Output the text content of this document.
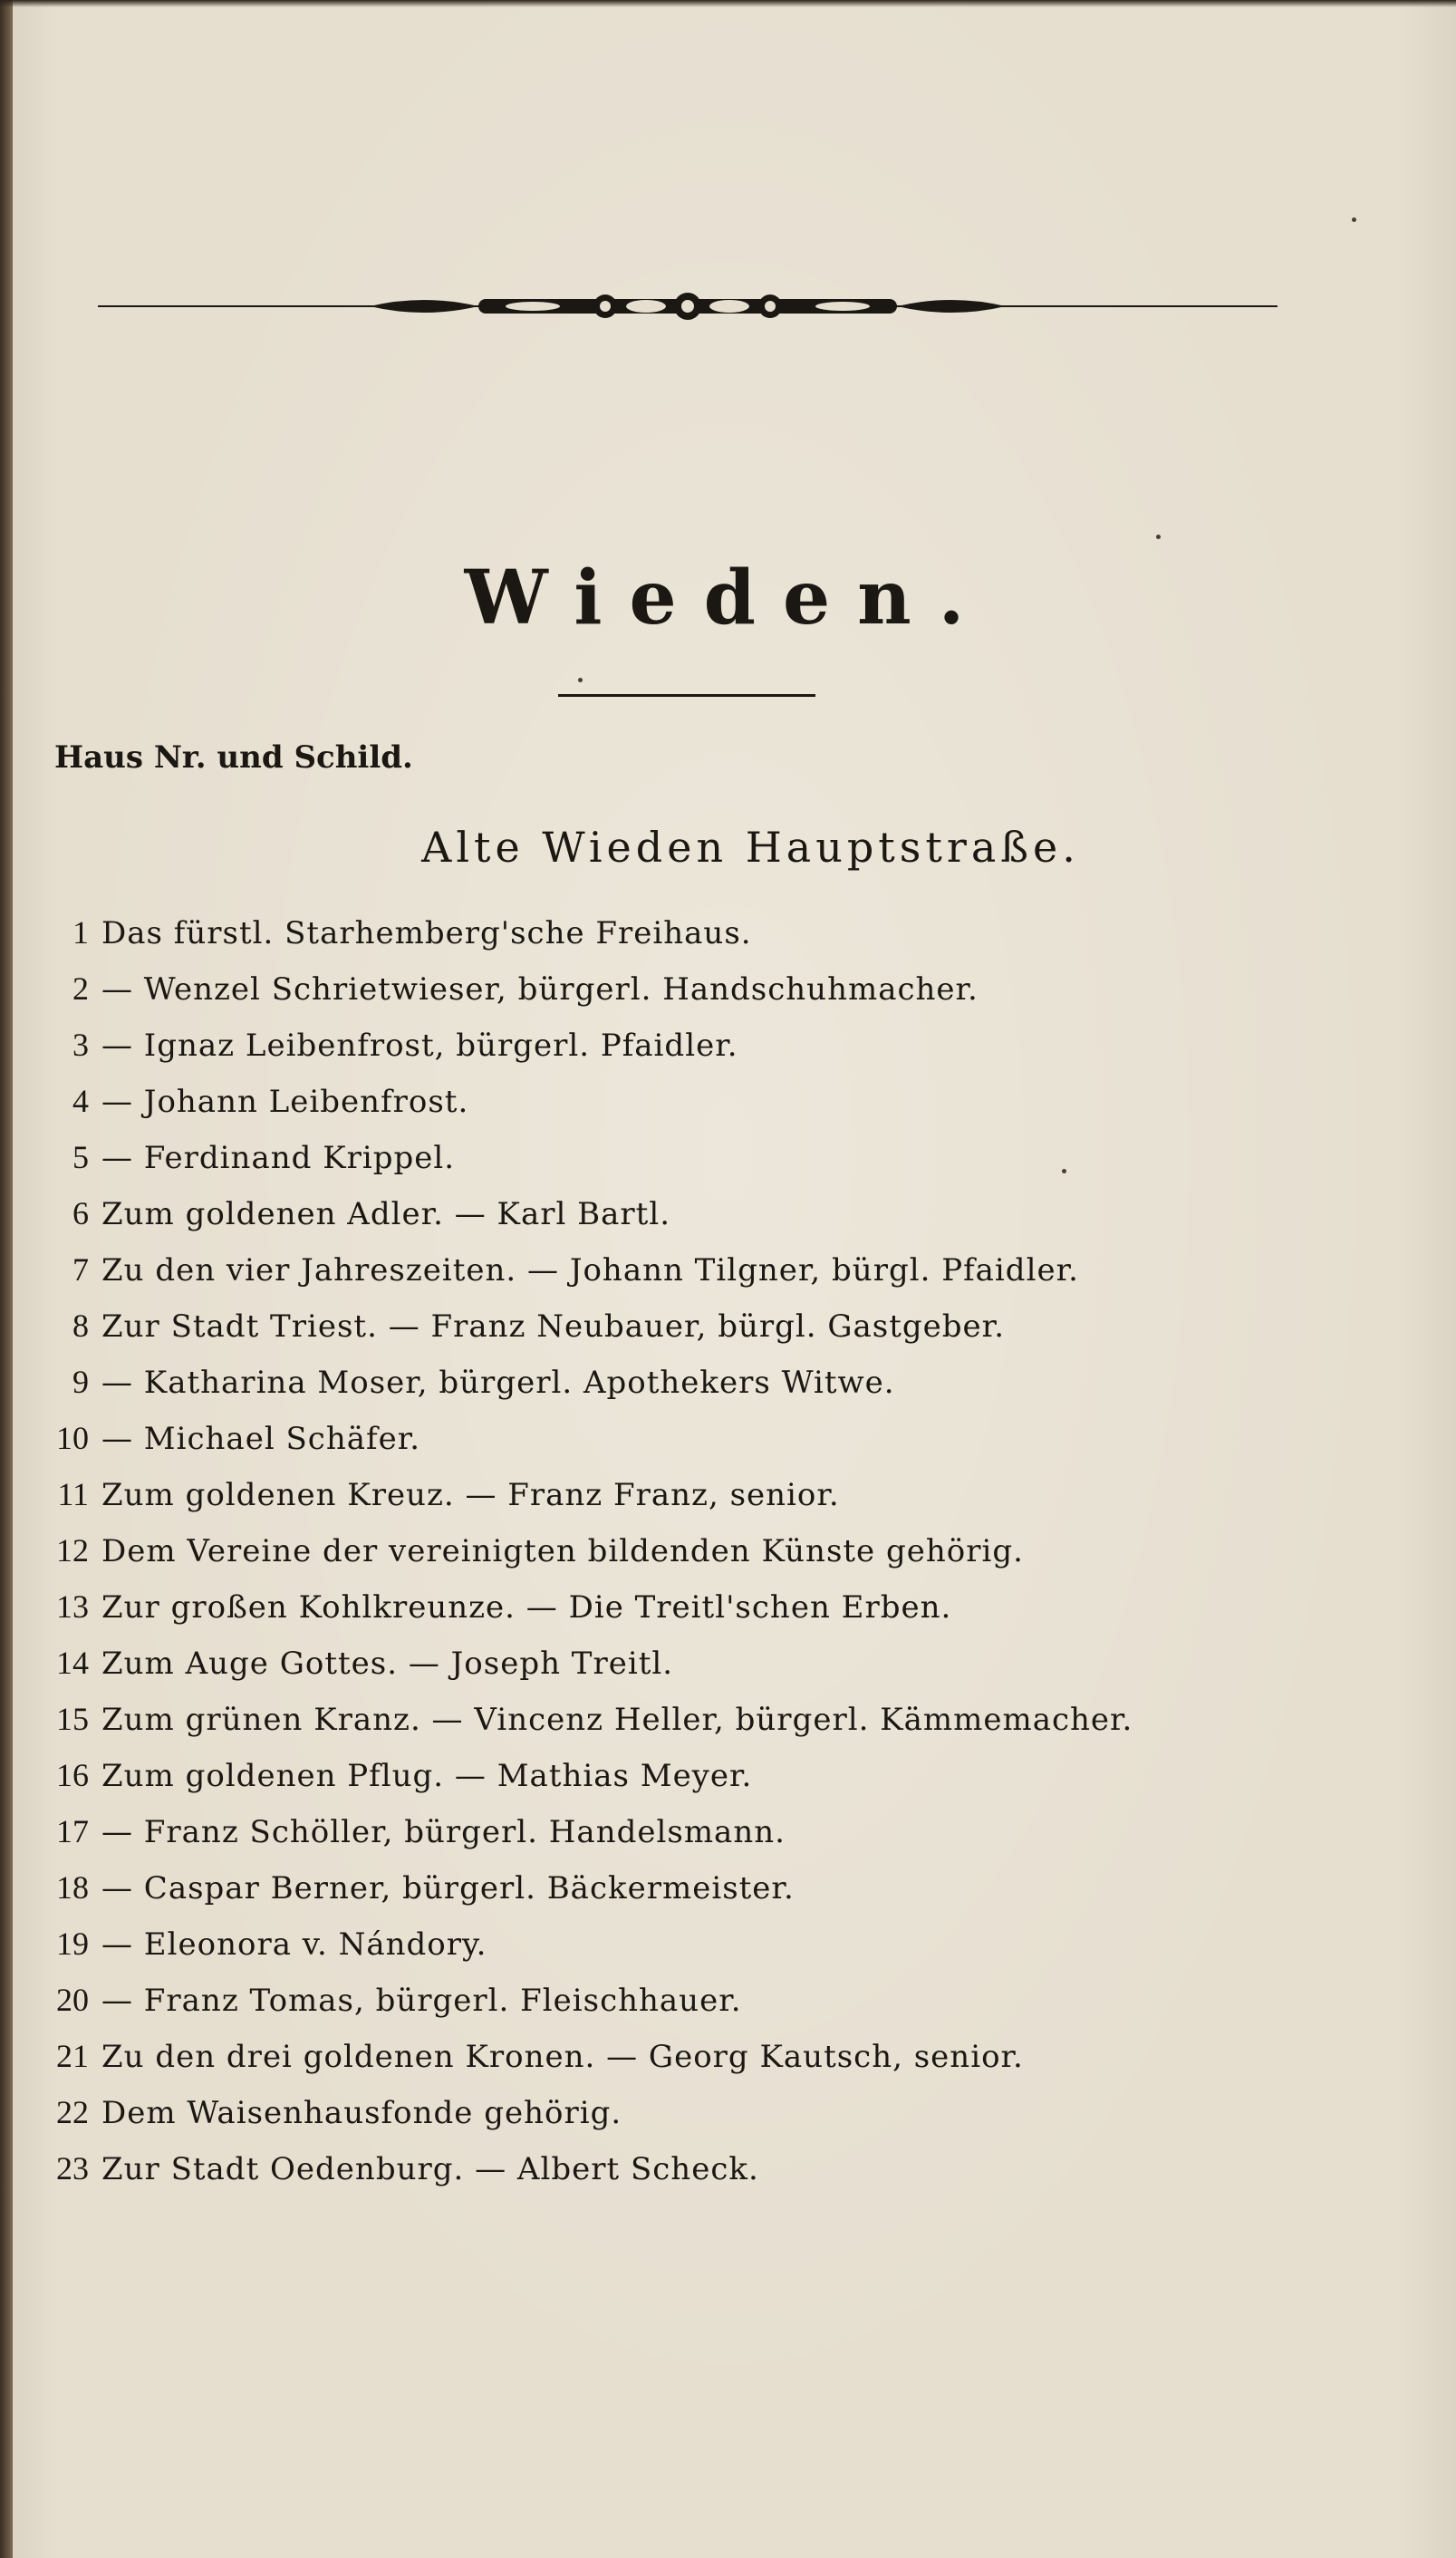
Wieden.
Haus Nr. und Schild.
Alte Wieden Hauptstraße.
1 Das fürstl. Starhemberg'sche Freihaus.
2 — Wenzel Schrietwieser, bürgerl. Handschuhmacher.
3 — Ignaz Leibenfrost, bürgerl. Pfaidler.
4 — Johann Leibenfrost.
5 — Ferdinand Krippel.
6 Zum goldenen Adler. — Karl Bartl.
7 Zu den vier Jahreszeiten. — Johann Tilgner, bürgl. Pfaidler.
8 Zur Stadt Triest. — Franz Neubauer, bürgl. Gastgeber.
9 — Katharina Moser, bürgerl. Apothekers Witwe.
10 — Michael Schäfer.
11 Zum goldenen Kreuz. — Franz Franz, senior.
12 Dem Vereine der vereinigten bildenden Künste gehörig.
13 Zur großen Kohlkreunze. — Die Treitl'schen Erben.
14 Zum Auge Gottes. — Joseph Treitl.
15 Zum grünen Kranz. — Vincenz Heller, bürgerl. Kämmemacher.
16 Zum goldenen Pflug. — Mathias Meyer.
17 — Franz Schöller, bürgerl. Handelsmann.
18 — Caspar Berner, bürgerl. Bäckermeister.
19 — Eleonora v. Nándory.
20 — Franz Tomas, bürgerl. Fleischhauer.
21 Zu den drei goldenen Kronen. — Georg Kautsch, senior.
22 Dem Waisenhausfonde gehörig.
23 Zur Stadt Oedenburg. — Albert Scheck.
